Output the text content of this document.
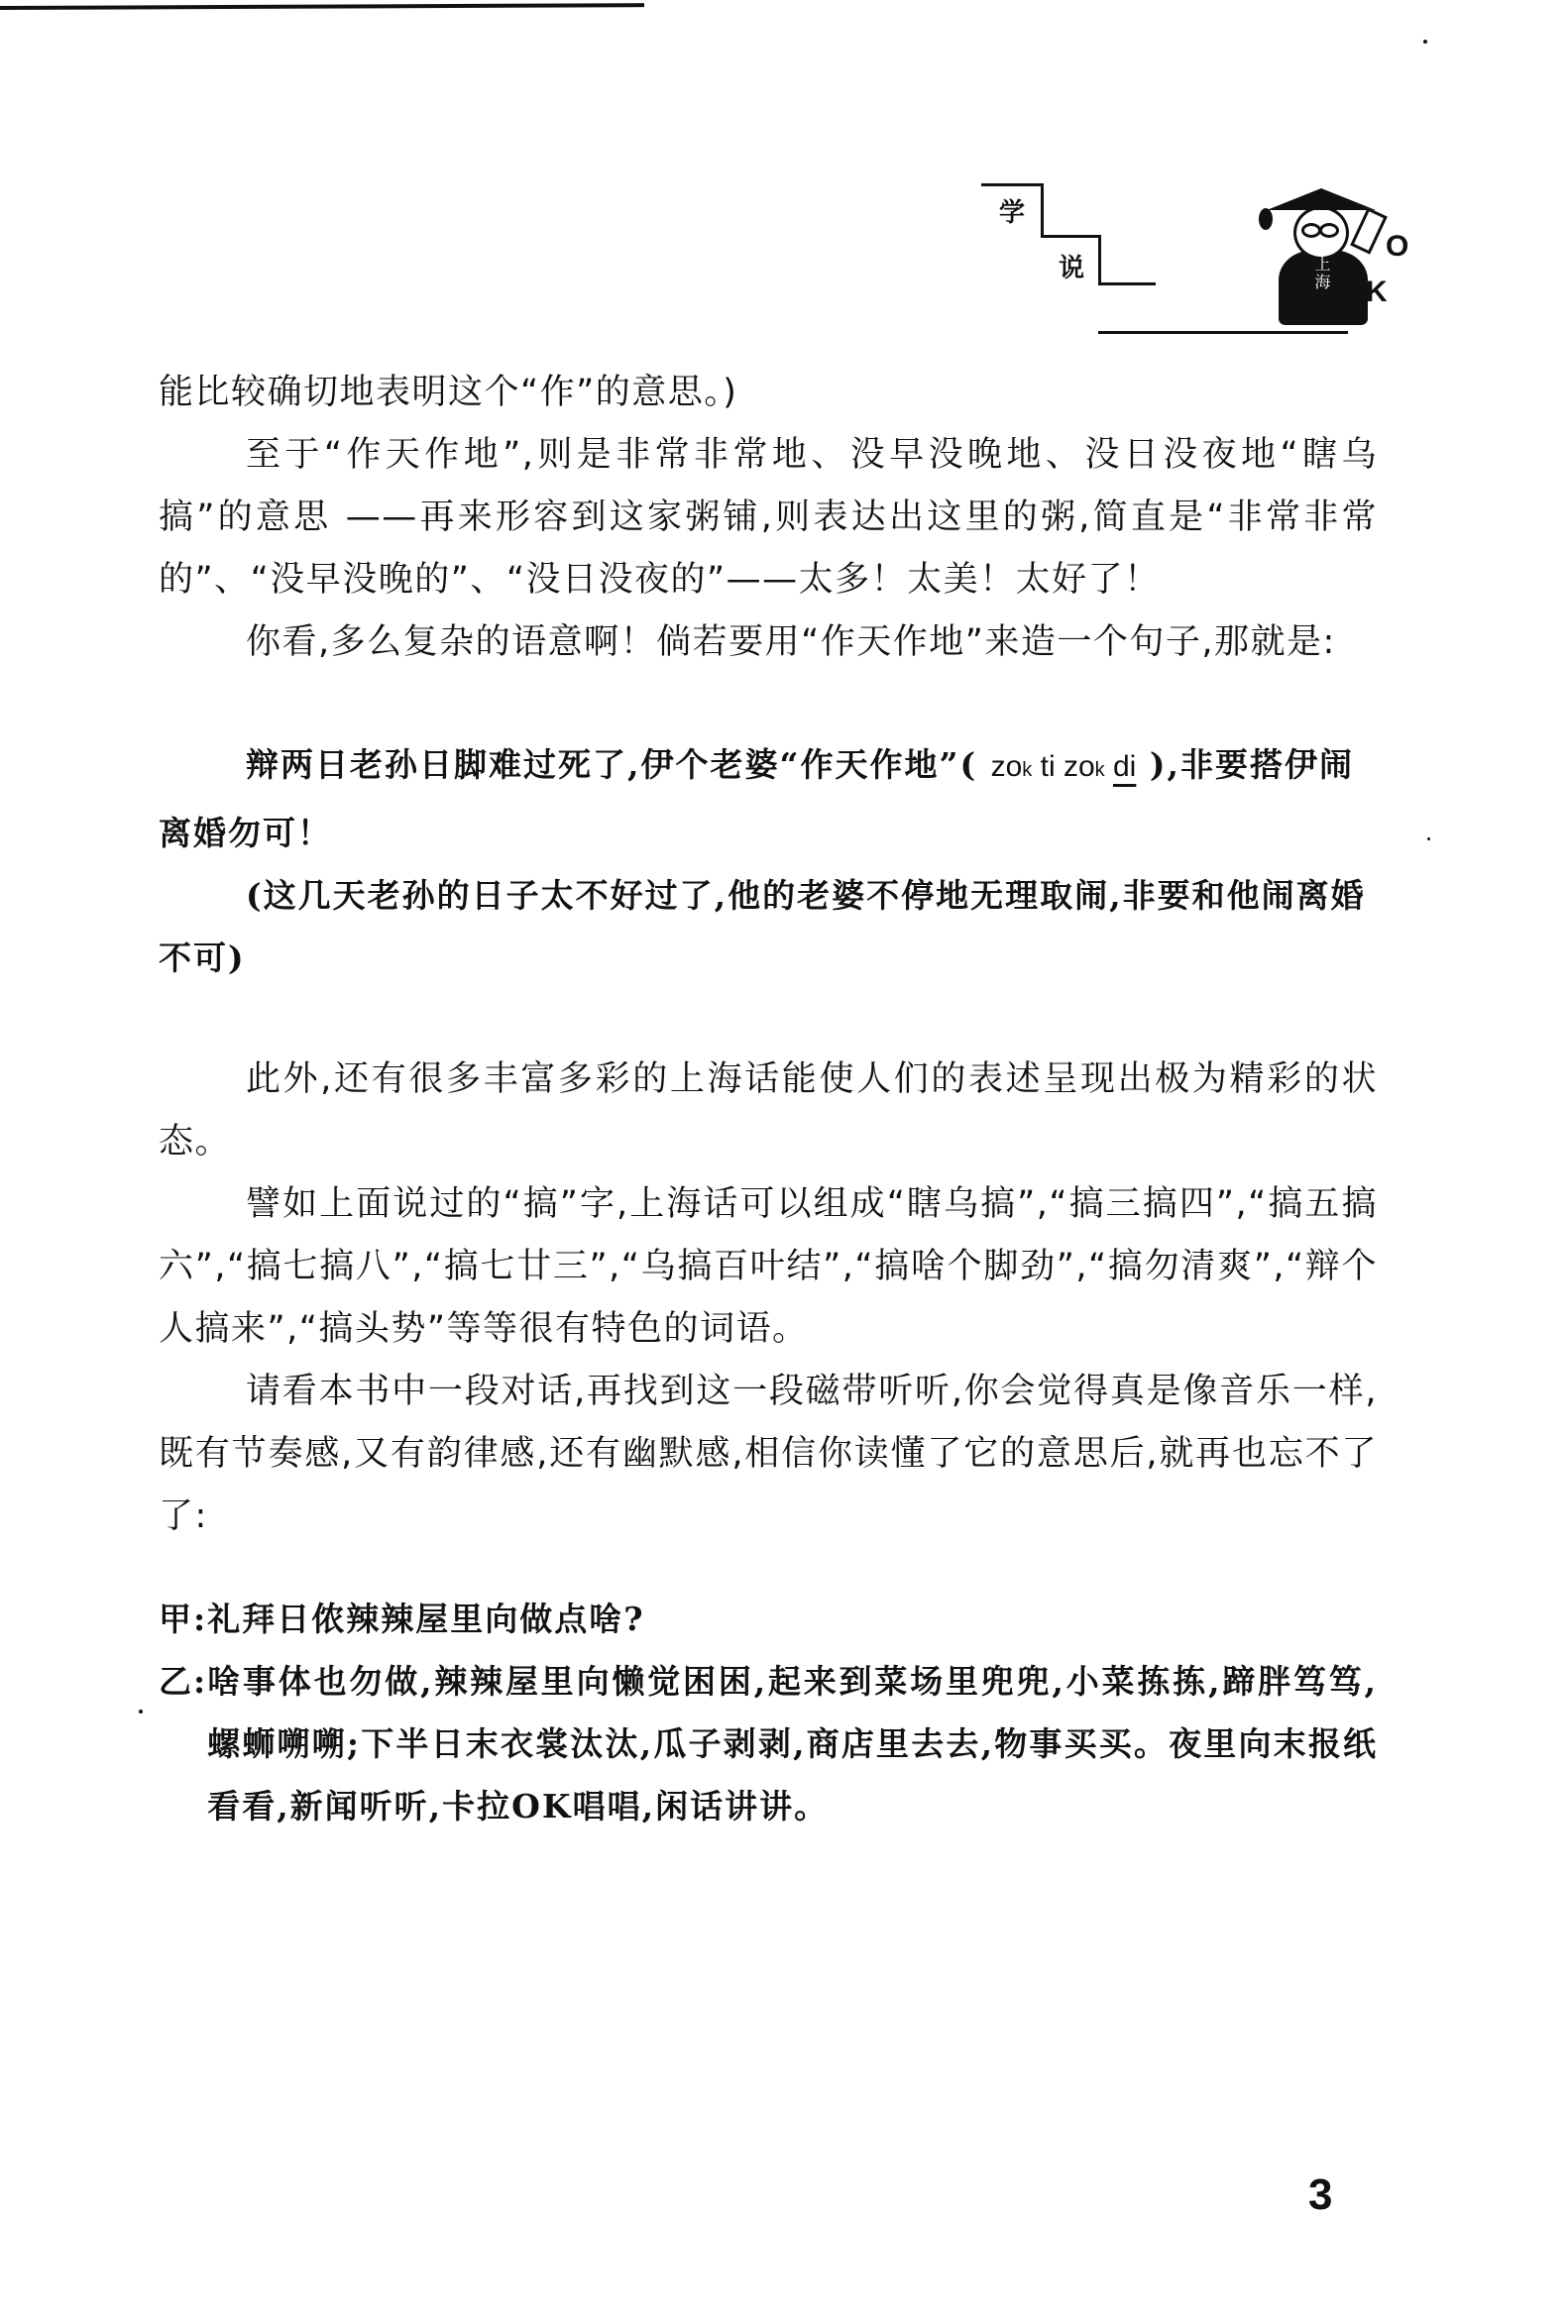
学
说	上海
O
K

能比较确切地表明这个“作”的意思。)

至于“作天作地”,则是非常非常地、没早没晚地、没日没夜地“瞎乌搞”的意思 ——再来形容到这家粥铺,则表达出这里的粥,简直是“非常非常的”、“没早没晚的”、“没日没夜的”——太多！太美！太好了！

你看,多么复杂的语意啊！倘若要用“作天作地”来造一个句子,那就是:

辩两日老孙日脚难过死了,伊个老婆“作天作地”( zok ti zok di ),非要搭伊闹离婚勿可！

(这几天老孙的日子太不好过了,他的老婆不停地无理取闹,非要和他闹离婚不可)

此外,还有很多丰富多彩的上海话能使人们的表述呈现出极为精彩的状态。

譬如上面说过的“搞”字,上海话可以组成“瞎乌搞”,“搞三搞四”,“搞五搞六”,“搞七搞八”,“搞七廿三”,“乌搞百叶结”,“搞啥个脚劲”,“搞勿清爽”,“辩个人搞来”,“搞头势”等等很有特色的词语。

请看本书中一段对话,再找到这一段磁带听听,你会觉得真是像音乐一样,既有节奏感,又有韵律感,还有幽默感,相信你读懂了它的意思后,就再也忘不了了:

甲: 礼拜日侬辣辣屋里向做点啥?
乙: 啥事体也勿做,辣辣屋里向懒觉困困,起来到菜场里兜兜,小菜拣拣,蹄胖笃笃,螺蛳嗍嗍;下半日末衣裳汰汰,瓜子剥剥,商店里去去,物事买买。夜里向末报纸看看,新闻听听,卡拉OK唱唱,闲话讲讲。
3
